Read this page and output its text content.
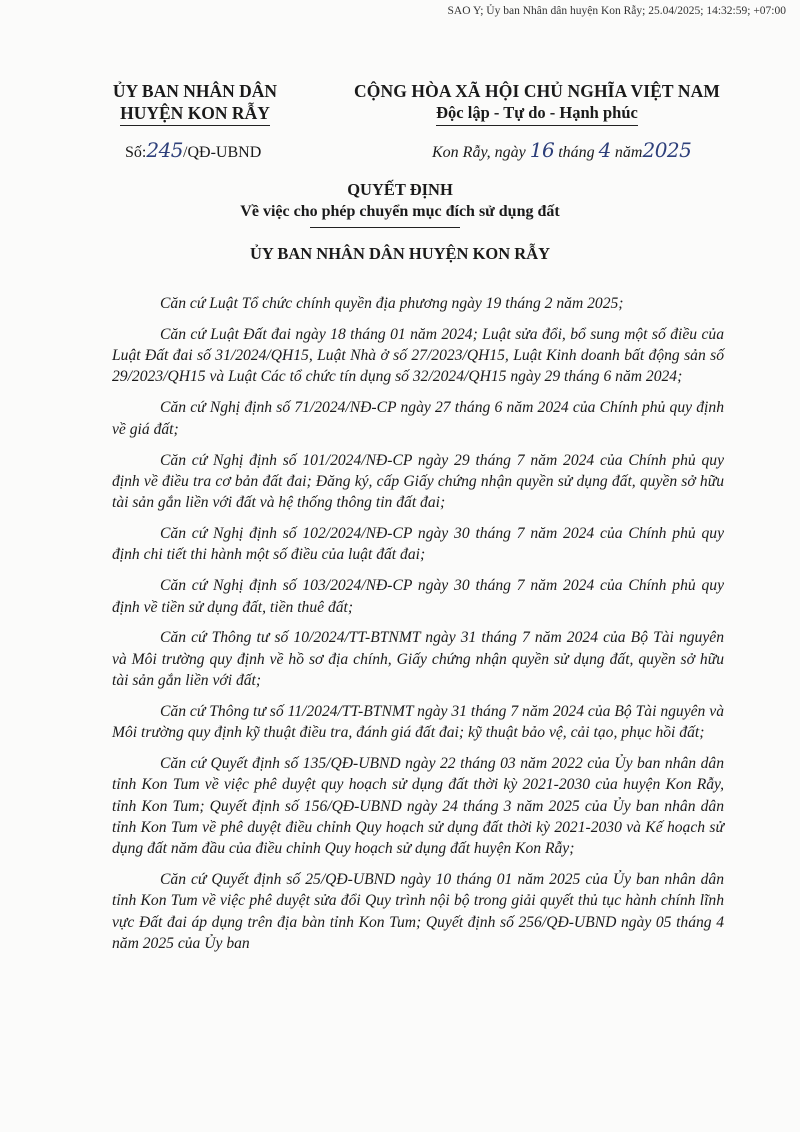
SAO Y; Ủy ban Nhân dân huyện Kon Rẫy; 25.04/2025; 14:32:59; +07:00
ỦY BAN NHÂN DÂN
HUYỆN KON RẪY
CỘNG HÒA XÃ HỘI CHỦ NGHĨA VIỆT NAM
Độc lập - Tự do - Hạnh phúc
Số:245/QĐ-UBND	Kon Rẫy, ngày 16 tháng 4 năm2025
QUYẾT ĐỊNH
Về việc cho phép chuyển mục đích sử dụng đất
ỦY BAN NHÂN DÂN HUYỆN KON RẪY

Căn cứ Luật Tổ chức chính quyền địa phương ngày 19 tháng 2 năm 2025;

Căn cứ Luật Đất đai ngày 18 tháng 01 năm 2024; Luật sửa đổi, bổ sung một số điều của Luật Đất đai số 31/2024/QH15, Luật Nhà ở số 27/2023/QH15, Luật Kinh doanh bất động sản số 29/2023/QH15 và Luật Các tổ chức tín dụng số 32/2024/QH15 ngày 29 tháng 6 năm 2024;

Căn cứ Nghị định số 71/2024/NĐ-CP ngày 27 tháng 6 năm 2024 của Chính phủ quy định về giá đất;

Căn cứ Nghị định số 101/2024/NĐ-CP ngày 29 tháng 7 năm 2024 của Chính phủ quy định về điều tra cơ bản đất đai; Đăng ký, cấp Giấy chứng nhận quyền sử dụng đất, quyền sở hữu tài sản gắn liền với đất và hệ thống thông tin đất đai;

Căn cứ Nghị định số 102/2024/NĐ-CP ngày 30 tháng 7 năm 2024 của Chính phủ quy định chi tiết thi hành một số điều của luật đất đai;

Căn cứ Nghị định số 103/2024/NĐ-CP ngày 30 tháng 7 năm 2024 của Chính phủ quy định về tiền sử dụng đất, tiền thuê đất;

Căn cứ Thông tư số 10/2024/TT-BTNMT ngày 31 tháng 7 năm 2024 của Bộ Tài nguyên và Môi trường quy định về hồ sơ địa chính, Giấy chứng nhận quyền sử dụng đất, quyền sở hữu tài sản gắn liền với đất;

Căn cứ Thông tư số 11/2024/TT-BTNMT ngày 31 tháng 7 năm 2024 của Bộ Tài nguyên và Môi trường quy định kỹ thuật điều tra, đánh giá đất đai; kỹ thuật bảo vệ, cải tạo, phục hồi đất;

Căn cứ Quyết định số 135/QĐ-UBND ngày 22 tháng 03 năm 2022 của Ủy ban nhân dân tỉnh Kon Tum về việc phê duyệt quy hoạch sử dụng đất thời kỳ 2021-2030 của huyện Kon Rẫy, tỉnh Kon Tum; Quyết định số 156/QĐ-UBND ngày 24 tháng 3 năm 2025 của Ủy ban nhân dân tỉnh Kon Tum về phê duyệt điều chỉnh Quy hoạch sử dụng đất thời kỳ 2021-2030 và Kế hoạch sử dụng đất năm đầu của điều chỉnh Quy hoạch sử dụng đất huyện Kon Rẫy;

Căn cứ Quyết định số 25/QĐ-UBND ngày 10 tháng 01 năm 2025 của Ủy ban nhân dân tỉnh Kon Tum về việc phê duyệt sửa đổi Quy trình nội bộ trong giải quyết thủ tục hành chính lĩnh vực Đất đai áp dụng trên địa bàn tỉnh Kon Tum; Quyết định số 256/QĐ-UBND ngày 05 tháng 4 năm 2025 của Ủy ban
